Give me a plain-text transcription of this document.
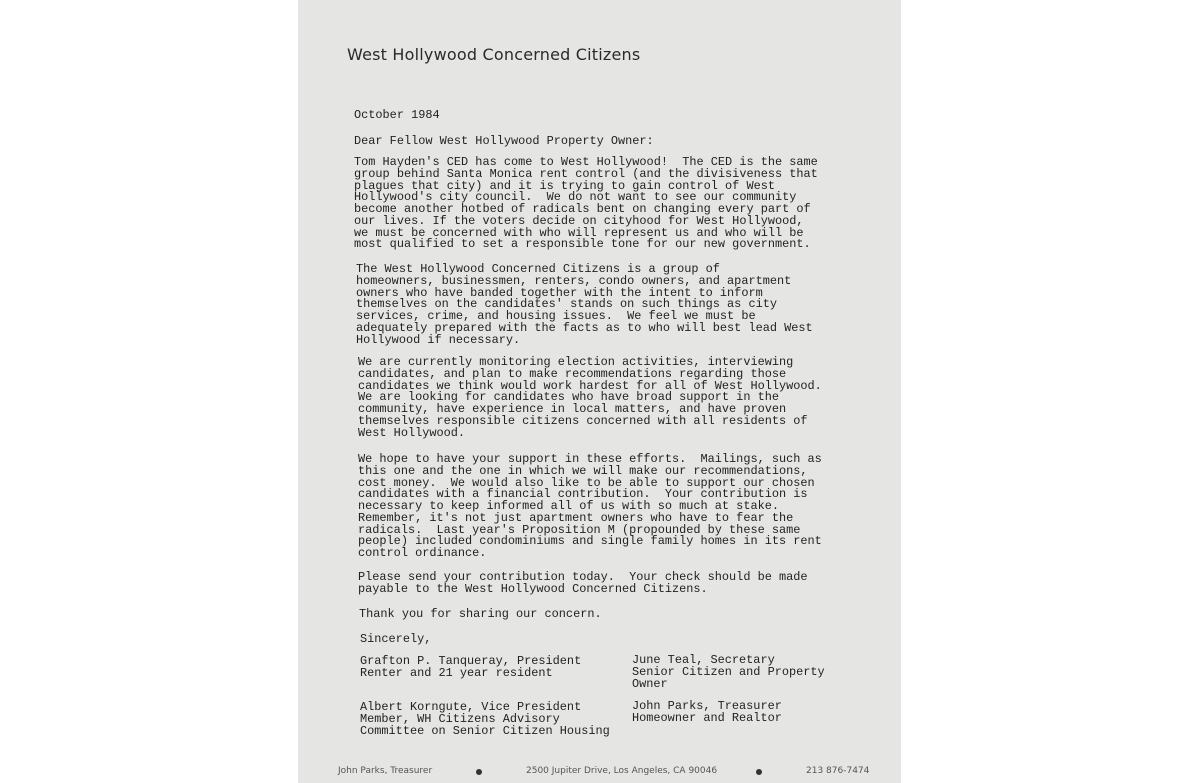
West Hollywood Concerned Citizens
October 1984
Dear Fellow West Hollywood Property Owner:
Tom Hayden's CED has come to West Hollywood!  The CED is the same
group behind Santa Monica rent control (and the divisiveness that
plagues that city) and it is trying to gain control of West
Hollywood's city council.  We do not want to see our community
become another hotbed of radicals bent on changing every part of
our lives. If the voters decide on cityhood for West Hollywood,
we must be concerned with who will represent us and who will be
most qualified to set a responsible tone for our new government.
The West Hollywood Concerned Citizens is a group of
homeowners, businessmen, renters, condo owners, and apartment
owners who have banded together with the intent to inform
themselves on the candidates' stands on such things as city
services, crime, and housing issues.  We feel we must be
adequately prepared with the facts as to who will best lead West
Hollywood if necessary.
We are currently monitoring election activities, interviewing
candidates, and plan to make recommendations regarding those
candidates we think would work hardest for all of West Hollywood.
We are looking for candidates who have broad support in the
community, have experience in local matters, and have proven
themselves responsible citizens concerned with all residents of
West Hollywood.
We hope to have your support in these efforts.  Mailings, such as
this one and the one in which we will make our recommendations,
cost money.  We would also like to be able to support our chosen
candidates with a financial contribution.  Your contribution is
necessary to keep informed all of us with so much at stake.
Remember, it's not just apartment owners who have to fear the
radicals.  Last year's Proposition M (propounded by these same
people) included condominiums and single family homes in its rent
control ordinance.
Please send your contribution today.  Your check should be made
payable to the West Hollywood Concerned Citizens.
Thank you for sharing our concern.
Sincerely,
Grafton P. Tanqueray, President
Renter and 21 year resident
June Teal, Secretary
Senior Citizen and Property
Owner
Albert Korngute, Vice President
Member, WH Citizens Advisory
Committee on Senior Citizen Housing
John Parks, Treasurer
Homeowner and Realtor
John Parks, Treasurer	2500 Jupiter Drive, Los Angeles, CA 90046	213 876-7474
